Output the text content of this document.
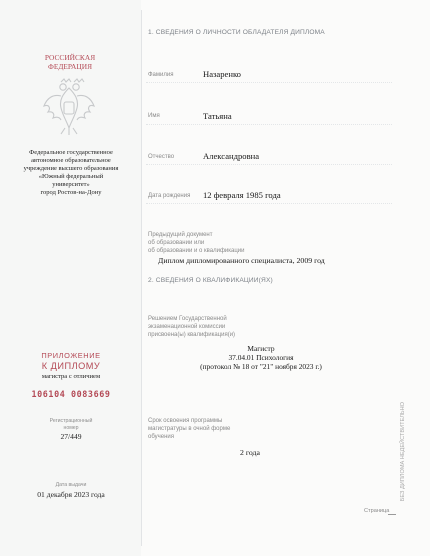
РОССИЙСКАЯ
ФЕДЕРАЦИЯ
Федеральное государственное
автономное образовательное
учреждение высшего образования
«Южный федеральный
университет»
город Ростов-на-Дону
ПРИЛОЖЕНИЕ
К ДИПЛОМУ
магистра с отличием
106104 0083669
Регистрационный
номер
27/449
Дата выдачи
01 декабря 2023 года
1. СВЕДЕНИЯ О ЛИЧНОСТИ ОБЛАДАТЕЛЯ ДИПЛОМА
Фамилия	Назаренко
Имя	Татьяна
Отчество	Александровна
Дата рождения 12 февраля 1985 года
Предыдущий документ
об образовании или
об образовании и о квалификации
Диплом дипломированного специалиста, 2009 год
2. СВЕДЕНИЯ О КВАЛИФИКАЦИИ(ЯХ)
Решением Государственной
экзаменационной комиссии
присвоена(ы) квалификация(и)
Магистр
37.04.01 Психология
(протокол № 18 от "21" ноября 2023 г.)
Срок освоения программы
магистратуры в очной форме
обучения
2 года	БЕЗ ДИПЛОМА НЕДЕЙСТВИТЕЛЬНО
Страница
